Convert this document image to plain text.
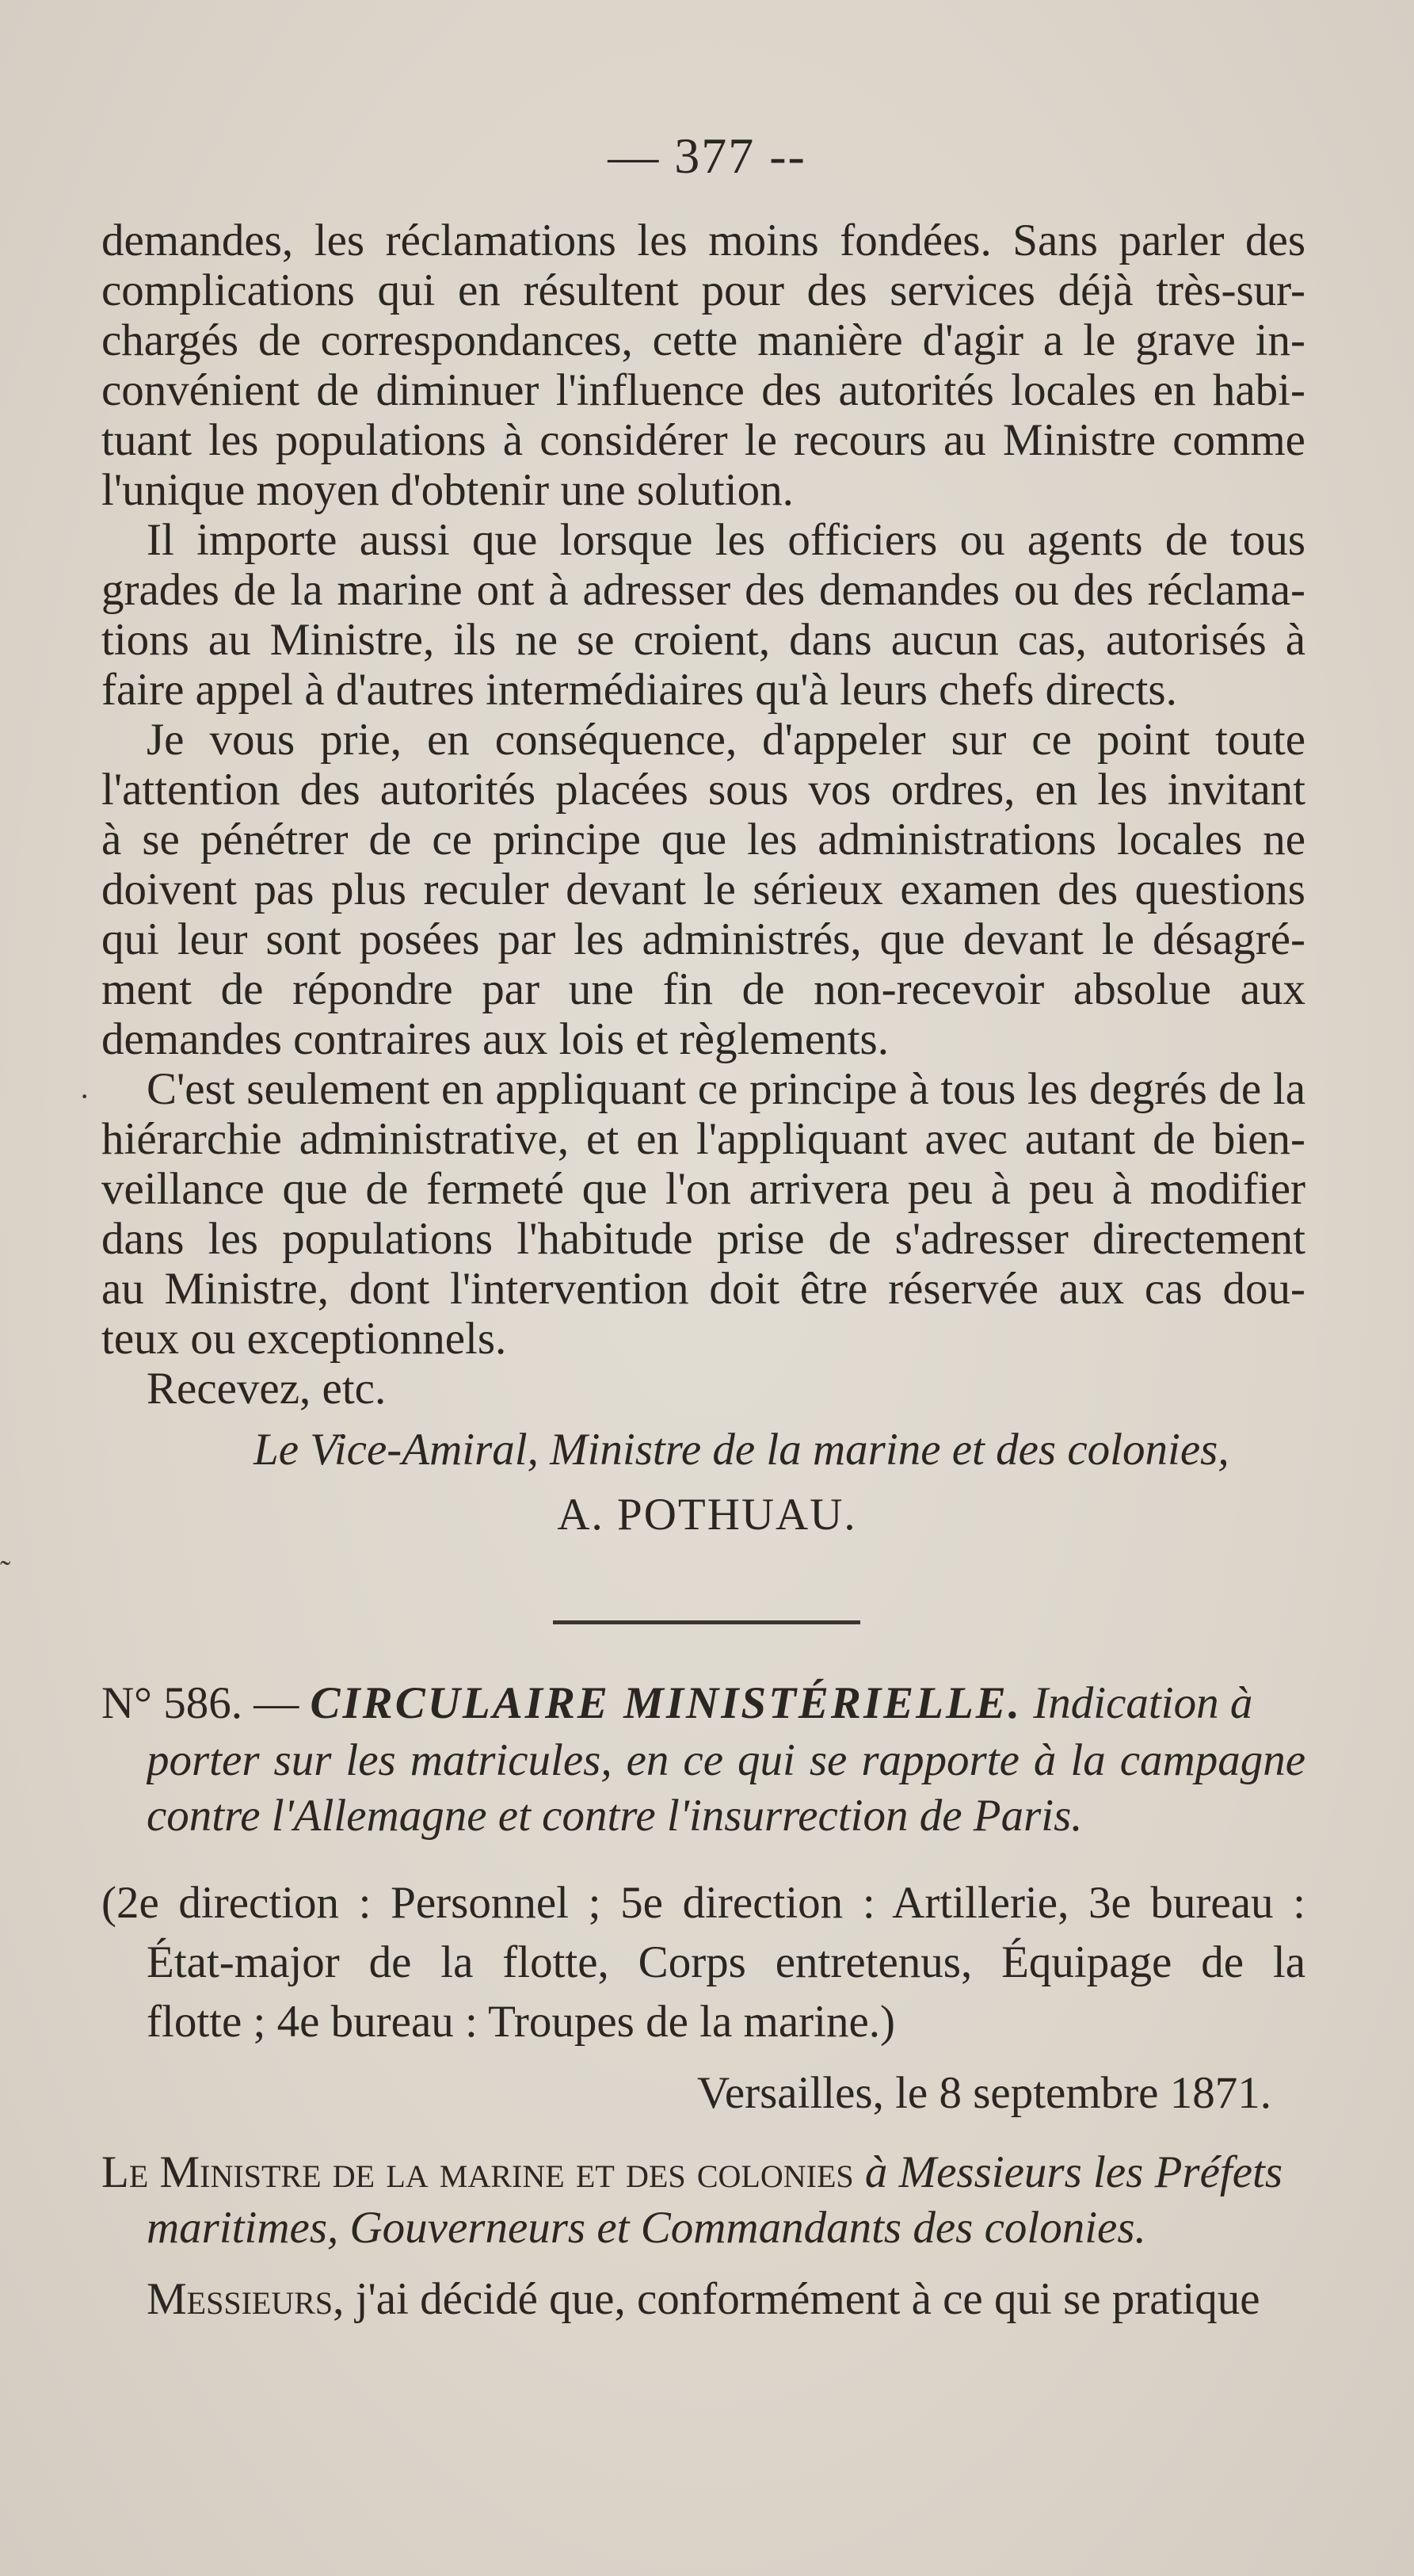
— 377 --
demandes, les réclamations les moins fondées. Sans parler des
complications qui en résultent pour des services déjà très-sur-
chargés de correspondances, cette manière d'agir a le grave in-
convénient de diminuer l'influence des autorités locales en habi-
tuant les populations à considérer le recours au Ministre comme
l'unique moyen d'obtenir une solution.
Il importe aussi que lorsque les officiers ou agents de tous
grades de la marine ont à adresser des demandes ou des réclama-
tions au Ministre, ils ne se croient, dans aucun cas, autorisés à
faire appel à d'autres intermédiaires qu'à leurs chefs directs.
Je vous prie, en conséquence, d'appeler sur ce point toute
l'attention des autorités placées sous vos ordres, en les invitant
à se pénétrer de ce principe que les administrations locales ne
doivent pas plus reculer devant le sérieux examen des questions
qui leur sont posées par les administrés, que devant le désagré-
ment de répondre par une fin de non-recevoir absolue aux
demandes contraires aux lois et règlements.
C'est seulement en appliquant ce principe à tous les degrés de la
hiérarchie administrative, et en l'appliquant avec autant de bien-
veillance que de fermeté que l'on arrivera peu à peu à modifier
dans les populations l'habitude prise de s'adresser directement
au Ministre, dont l'intervention doit être réservée aux cas dou-
teux ou exceptionnels.
Recevez, etc.
Le Vice-Amiral, Ministre de la marine et des colonies,
A. POTHUAU.
N° 586. — CIRCULAIRE MINISTÉRIELLE. Indication à
porter sur les matricules, en ce qui se rapporte à la campagne
contre l'Allemagne et contre l'insurrection de Paris.
(2e direction : Personnel ; 5e direction : Artillerie, 3e bureau :
État-major de la flotte, Corps entretenus, Équipage de la
flotte ; 4e bureau : Troupes de la marine.)
Versailles, le 8 septembre 1871.
Le Ministre de la marine et des colonies à Messieurs les Préfets
maritimes, Gouverneurs et Commandants des colonies.
Messieurs, j'ai décidé que, conformément à ce qui se pratique
·
˜
